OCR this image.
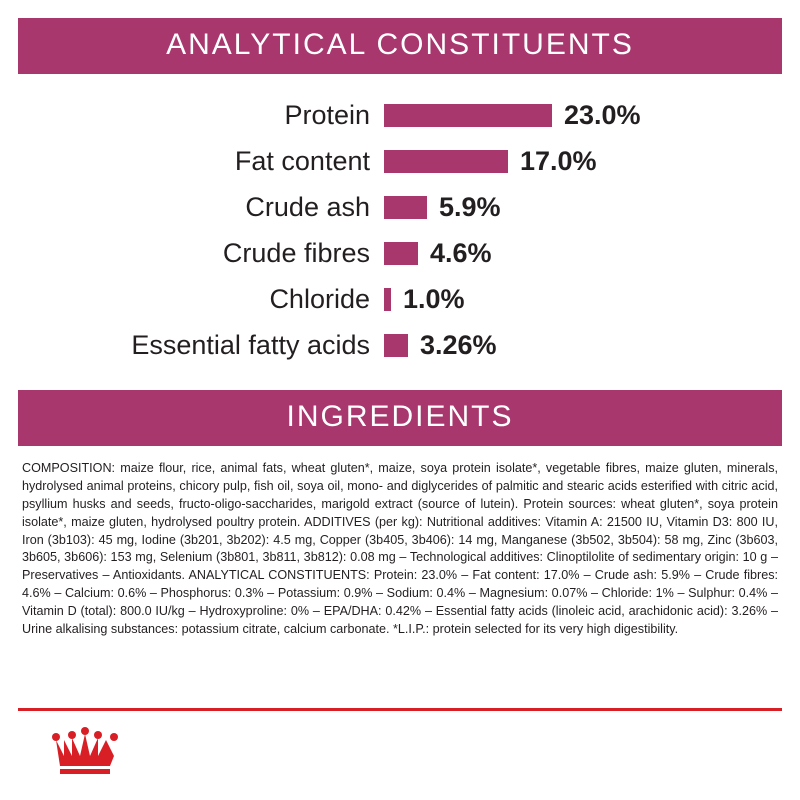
ANALYTICAL CONSTITUENTS
Protein	23.0%
Fat content	17.0%
Crude ash	5.9%
Crude fibres	4.6%
Chloride	1.0%
Essential fatty acids	3.26%
INGREDIENTS
COMPOSITION: maize flour, rice, animal fats, wheat gluten*, maize, soya protein isolate*, vegetable fibres, maize gluten, minerals, hydrolysed animal proteins, chicory pulp, fish oil, soya oil, mono- and diglycerides of palmitic and stearic acids esterified with citric acid, psyllium husks and seeds, fructo-oligo-saccharides, marigold extract (source of lutein). Protein sources: wheat gluten*, soya protein isolate*, maize gluten, hydrolysed poultry protein. ADDITIVES (per kg): Nutritional additives: Vitamin A: 21500 IU, Vitamin D3: 800 IU, Iron (3b103): 45 mg, Iodine (3b201, 3b202): 4.5 mg, Copper (3b405, 3b406): 14 mg, Manganese (3b502, 3b504): 58 mg, Zinc (3b603, 3b605, 3b606): 153 mg, Selenium (3b801, 3b811, 3b812): 0.08 mg – Technological additives: Clinoptilolite of sedimentary origin: 10 g – Preservatives – Antioxidants. ANALYTICAL CONSTITUENTS: Protein: 23.0% – Fat content: 17.0% – Crude ash: 5.9% – Crude fibres: 4.6% – Calcium: 0.6% – Phosphorus: 0.3% – Potassium: 0.9% – Sodium: 0.4% – Magnesium: 0.07% – Chloride: 1% – Sulphur: 0.4% – Vitamin D (total): 800.0 IU/kg – Hydroxyproline: 0% – EPA/DHA: 0.42% – Essential fatty acids (linoleic acid, arachidonic acid): 3.26% – Urine alkalising substances: potassium citrate, calcium carbonate. *L.I.P.: protein selected for its very high digestibility.
